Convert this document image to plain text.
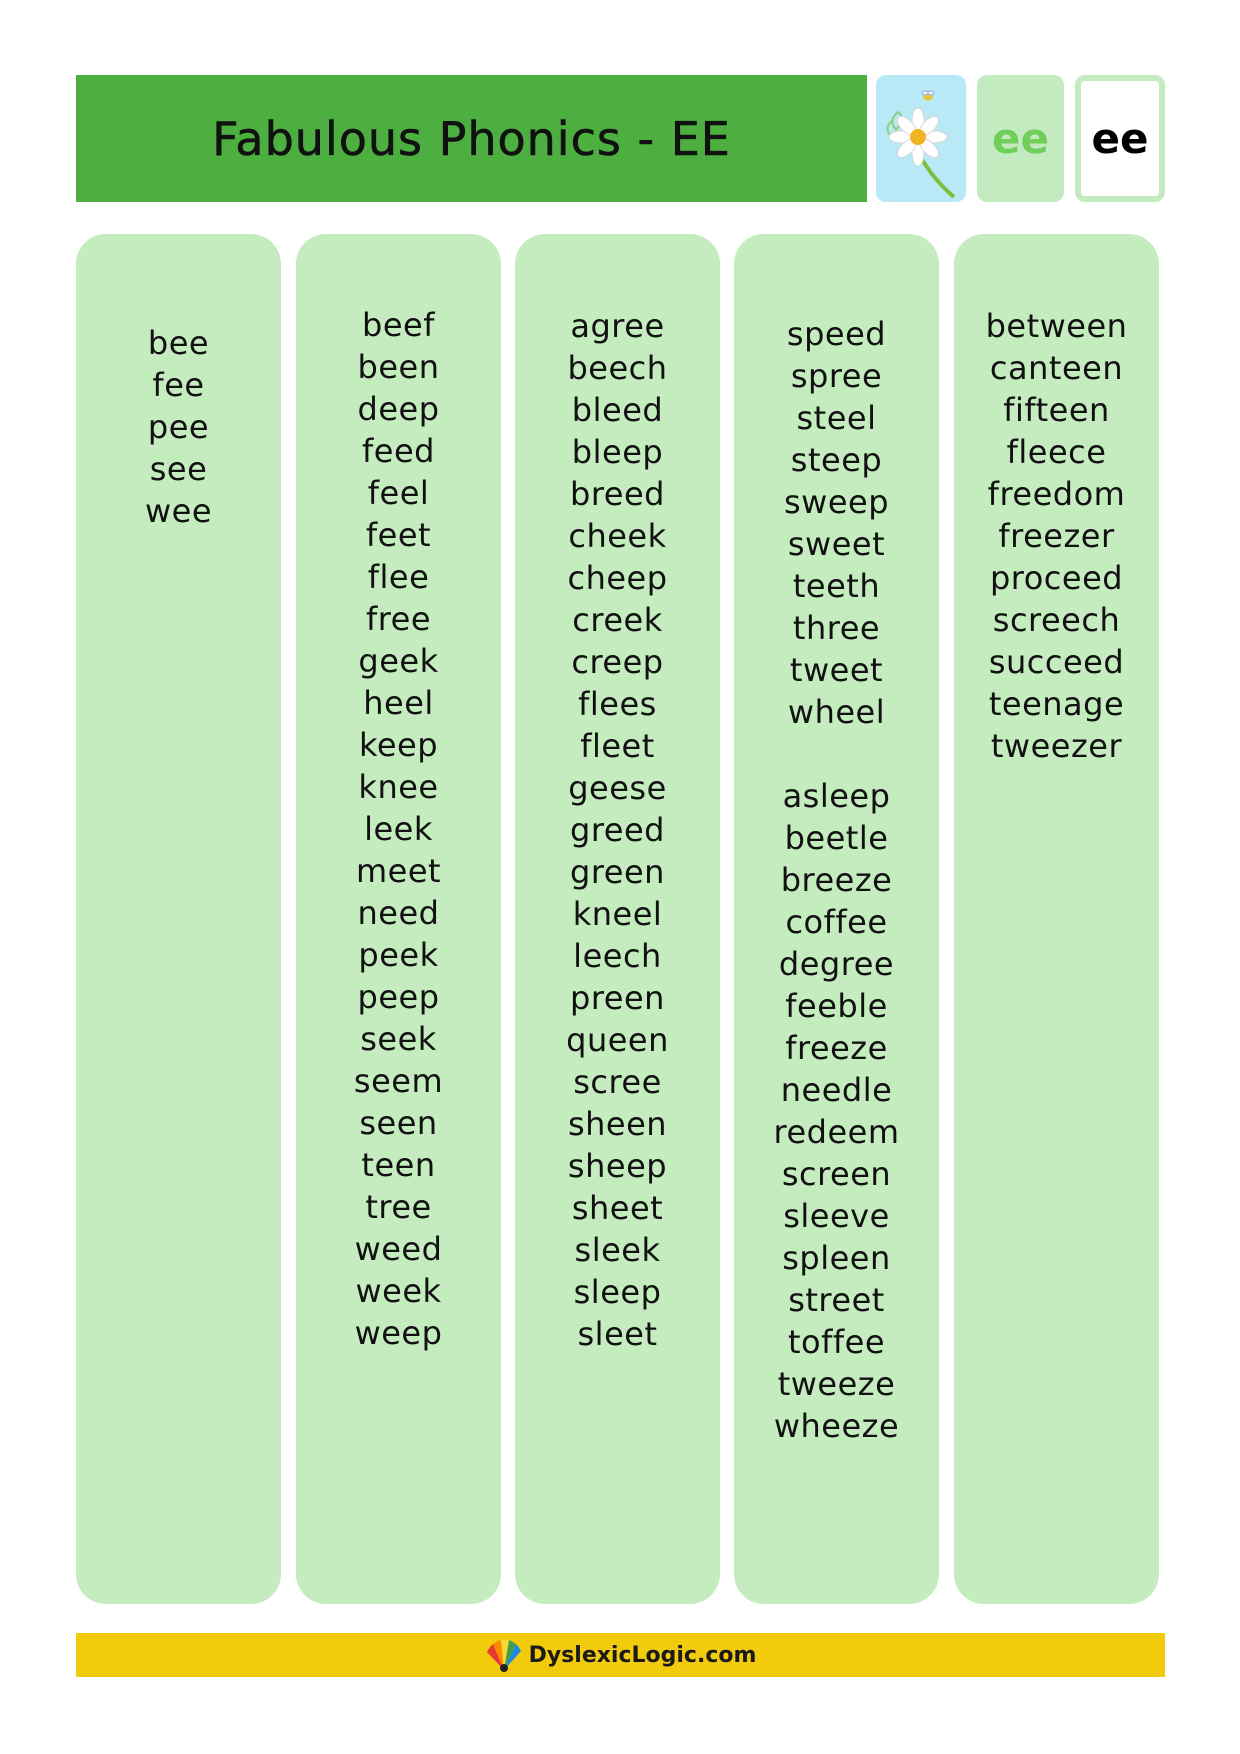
Fabulous Phonics - EE	ee ee
bee
fee
pee
see
wee
beef
been
deep
feed
feel
feet
flee
free
geek
heel
keep
knee
leek
meet
need
peek
peep
seek
seem
seen
teen
tree
weed
week
weep
agree
beech
bleed
bleep
breed
cheek
cheep
creek
creep
flees
fleet
geese
greed
green
kneel
leech
preen
queen
scree
sheen
sheep
sheet
sleek
sleep
sleet
speed
spree
steel
steep
sweep
sweet
teeth
three
tweet
wheel
asleep
beetle
breeze
coffee
degree
feeble
freeze
needle
redeem
screen
sleeve
spleen
street
toffee
tweeze
wheeze
between
canteen
fifteen
fleece
freedom
freezer
proceed
screech
succeed
teenage
tweezer
DyslexicLogic.com
